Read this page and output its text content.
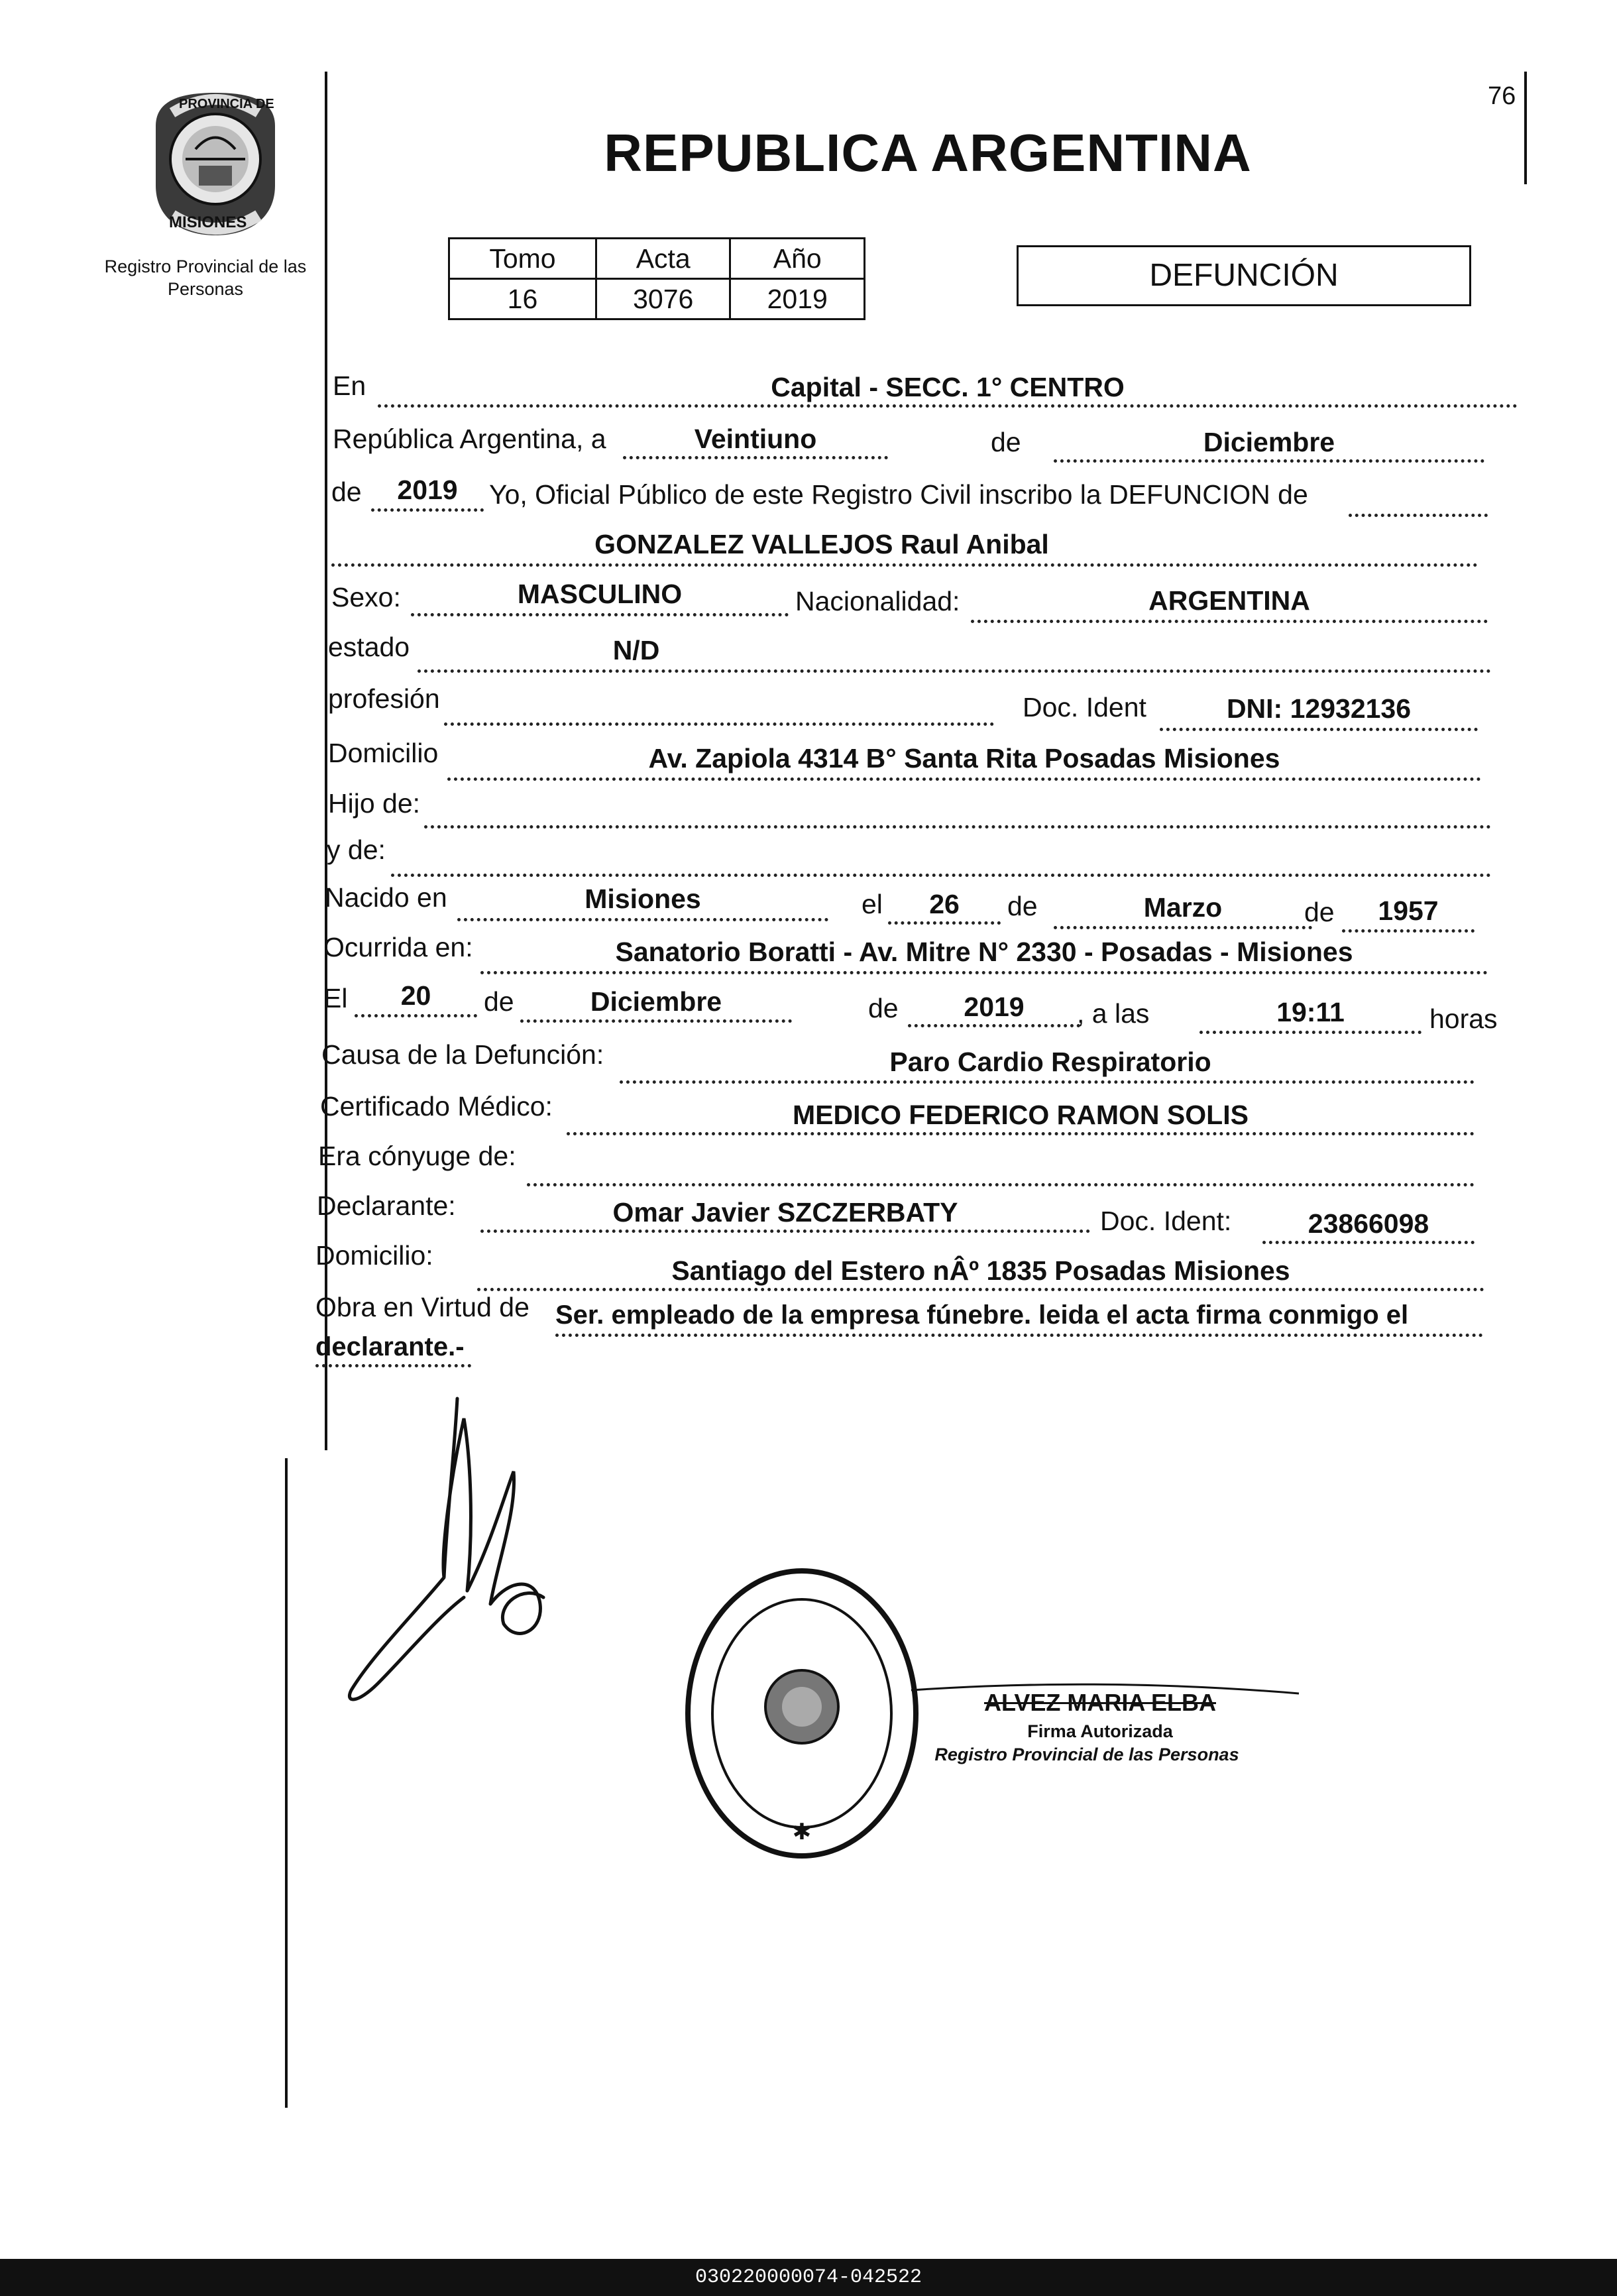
76
PROVINCIA DE
MISIONES
Registro Provincial de las Personas
REPUBLICA ARGENTINA
Tomo	Acta	Año
16	3076	2019
DEFUNCIÓN
En	Capital - SECC. 1° CENTRO
República Argentina, a	Veintiuno	de	Diciembre
de	2019	Yo, Oficial Público de este Registro Civil inscribo la DEFUNCION de
GONZALEZ VALLEJOS Raul Anibal
Sexo:	MASCULINO	Nacionalidad:	ARGENTINA
estado	N/D
profesión	Doc. Ident	DNI: 12932136
Domicilio	Av. Zapiola 4314 B° Santa Rita Posadas Misiones
Hijo de:
y de:
Nacido en	Misiones	el	26	de	Marzo	de	1957
Ocurrida en:	Sanatorio Boratti - Av. Mitre N° 2330 - Posadas - Misiones
El	20	de	Diciembre	de	2019	, a las	19:11	horas
Causa de la Defunción:	Paro Cardio Respiratorio
Certificado Médico:	MEDICO FEDERICO RAMON SOLIS
Era cónyuge de:
Declarante:	Omar Javier SZCZERBATY	Doc. Ident:	23866098
Domicilio:	Santiago del Estero nÂº 1835 Posadas Misiones
Obra en Virtud de Ser. empleado de la empresa fúnebre. leida el acta firma conmigo el
declarante.-
✱
ALVEZ MARIA ELBA
Firma Autorizada
Registro Provincial de las Personas
030220000074-042522
